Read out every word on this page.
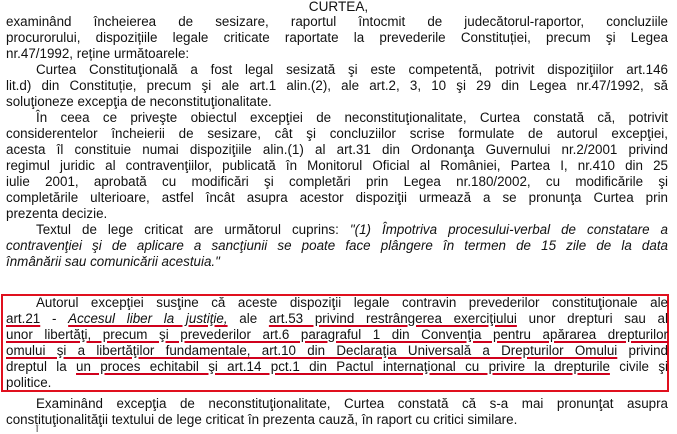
CURTEA,
examinând încheierea de sesizare, raportul întocmit de judecătorul-raportor, concluziile
procurorului, dispozițiile legale criticate raportate la prevederile Constituției, precum şi Legea
nr.47/1992, reține următoarele:
Curtea Constituţională a fost legal sesizată şi este competentă, potrivit dispoziţiilor art.146
lit.d) din Constituție, precum şi ale art.1 alin.(2), ale art.2, 3, 10 şi 29 din Legea nr.47/1992, să
soluţioneze excepţia de neconstituţionalitate.
În ceea ce priveşte obiectul excepţiei de neconstituţionalitate, Curtea constată că, potrivit
considerentelor încheierii de sesizare, cât şi concluziilor scrise formulate de autorul excepţiei,
acesta îl constituie numai dispoziţiile alin.(1) al art.31 din Ordonanţa Guvernului nr.2/2001 privind
regimul juridic al contravenţiilor, publicată în Monitorul Oficial al României, Partea I, nr.410 din 25
iulie 2001, aprobată cu modificări şi completări prin Legea nr.180/2002, cu modificările şi
completările ulterioare, astfel încât asupra acestor dispoziţii urmează a se pronunţa Curtea prin
prezenta decizie.
Textul de lege criticat are următorul cuprins: "(1) Împotriva procesului-verbal de constatare a
contravenţiei şi de aplicare a sancţiunii se poate face plângere în termen de 15 zile de la data
înmânării sau comunicării acestuia."
Autorul excepţiei susţine că aceste dispoziţii legale contravin prevederilor constituţionale ale
art.21 - Accesul liber la justiţie, ale art.53 privind restrângerea exerciţiului unor drepturi sau al
unor libertăţi, precum şi prevederilor art.6 paragraful 1 din Convenţia pentru apărarea drepturilor
omului şi a libertăţilor fundamentale, art.10 din Declaraţia Universală a Drepturilor Omului privind
dreptul la un proces echitabil şi art.14 pct.1 din Pactul internaţional cu privire la drepturile civile şi
politice.
Examinând excepţia de neconstituţionalitate, Curtea constată că s-a mai pronunţat asupra
constituţionalităţii textului de lege criticat în prezenta cauză, în raport cu critici similare.
Î
